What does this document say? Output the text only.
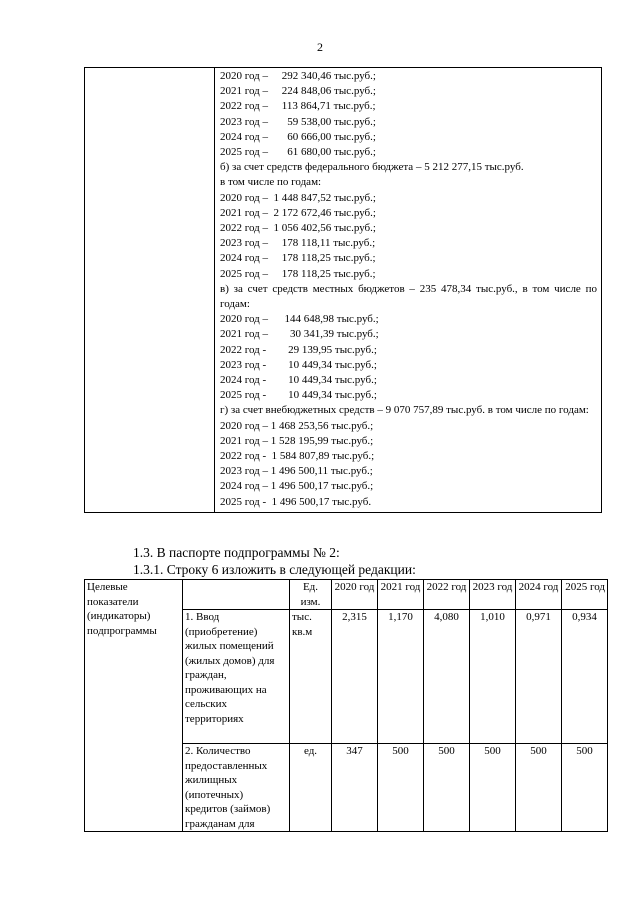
2

2020 год –     292 340,46 тыс.руб.;
2021 год –     224 848,06 тыс.руб.;
2022 год –     113 864,71 тыс.руб.;
2023 год –       59 538,00 тыс.руб.;
2024 год –       60 666,00 тыс.руб.;
2025 год –       61 680,00 тыс.руб.;
б) за счет средств федерального бюджета – 5 212 277,15 тыс.руб.
в том числе по годам:
2020 год –  1 448 847,52 тыс.руб.;
2021 год –  2 172 672,46 тыс.руб.;
2022 год –  1 056 402,56 тыс.руб.;
2023 год –     178 118,11 тыс.руб.;
2024 год –     178 118,25 тыс.руб.;
2025 год –     178 118,25 тыс.руб.;
в) за счет средств местных бюджетов – 235 478,34 тыс.руб., в том числе по годам:
2020 год –      144 648,98 тыс.руб.;
2021 год –        30 341,39 тыс.руб.;
2022 год -        29 139,95 тыс.руб.;
2023 год -        10 449,34 тыс.руб.;
2024 год -        10 449,34 тыс.руб.;
2025 год -        10 449,34 тыс.руб.;
г) за счет внебюджетных средств – 9 070 757,89 тыс.руб. в том числе по годам:
2020 год – 1 468 253,56 тыс.руб.;
2021 год – 1 528 195,99 тыс.руб.;
2022 год -  1 584 807,89 тыс.руб.;
2023 год – 1 496 500,11 тыс.руб.;
2024 год – 1 496 500,17 тыс.руб.;
2025 год -  1 496 500,17 тыс.руб.
1.3. В паспорте подпрограммы № 2:
1.3.1. Строку 6 изложить в следующей редакции:
Целевые показатели (индикаторы) подпрограммы		Ед. изм.	2020 год	2021 год	2022 год	2023 год	2024 год	2025 год
	1. Ввод (приобретение) жилых помещений (жилых домов) для граждан, проживающих на сельских территориях	тыс. кв.м	2,315	1,170	4,080	1,010	0,971	0,934
	2. Количество предоставленных жилищных (ипотечных) кредитов (займов) гражданам для	ед.	347	500	500	500	500	500
